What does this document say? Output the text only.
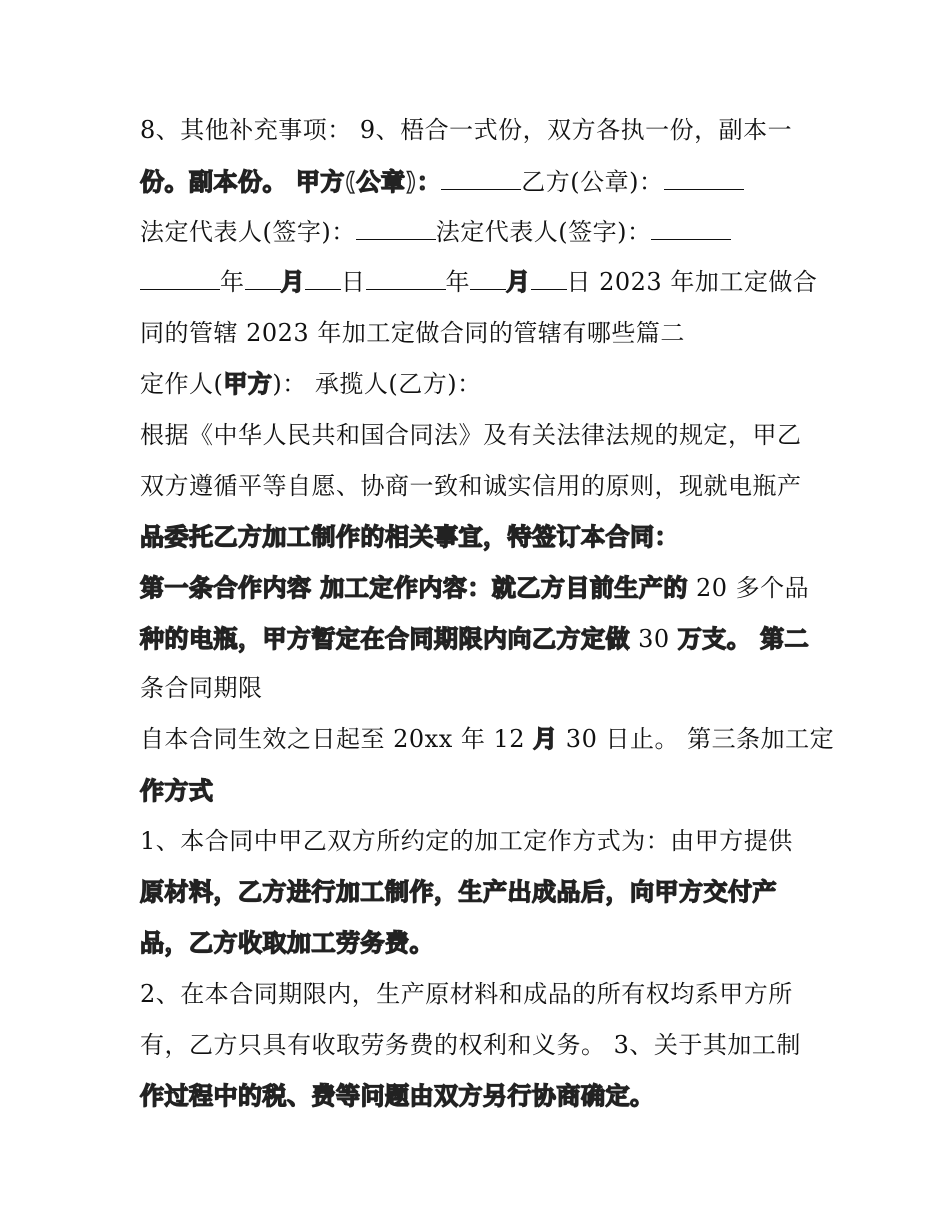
8、其他补充事项： 9、梧合一式份，双方各执一份，副本一
份。副本份。 甲方(公章)：	乙方(公章)：
法定代表人(签字)：	法定代表人(签字)：
年 月 日	年 月 日 2023 年加工定做合
同的管辖 2023 年加工定做合同的管辖有哪些篇二
定作人(甲方)： 承揽人(乙方)：
根据《中华人民共和国合同法》及有关法律法规的规定，甲乙
双方遵循平等自愿、协商一致和诚实信用的原则，现就电瓶产
品委托乙方加工制作的相关事宜，特签订本合同：
第一条合作内容 加工定作内容：就乙方目前生产的 20 多个品
种的电瓶，甲方暂定在合同期限内向乙方定做 30 万支。 第二
条合同期限
自本合同生效之日起至 20xx 年 12 月 30 日止。 第三条加工定
作方式
1、本合同中甲乙双方所约定的加工定作方式为：由甲方提供
原材料，乙方进行加工制作，生产出成品后，向甲方交付产
品，乙方收取加工劳务费。
2、在本合同期限内，生产原材料和成品的所有权均系甲方所
有，乙方只具有收取劳务费的权利和义务。 3、关于其加工制
作过程中的税、费等问题由双方另行协商确定。
